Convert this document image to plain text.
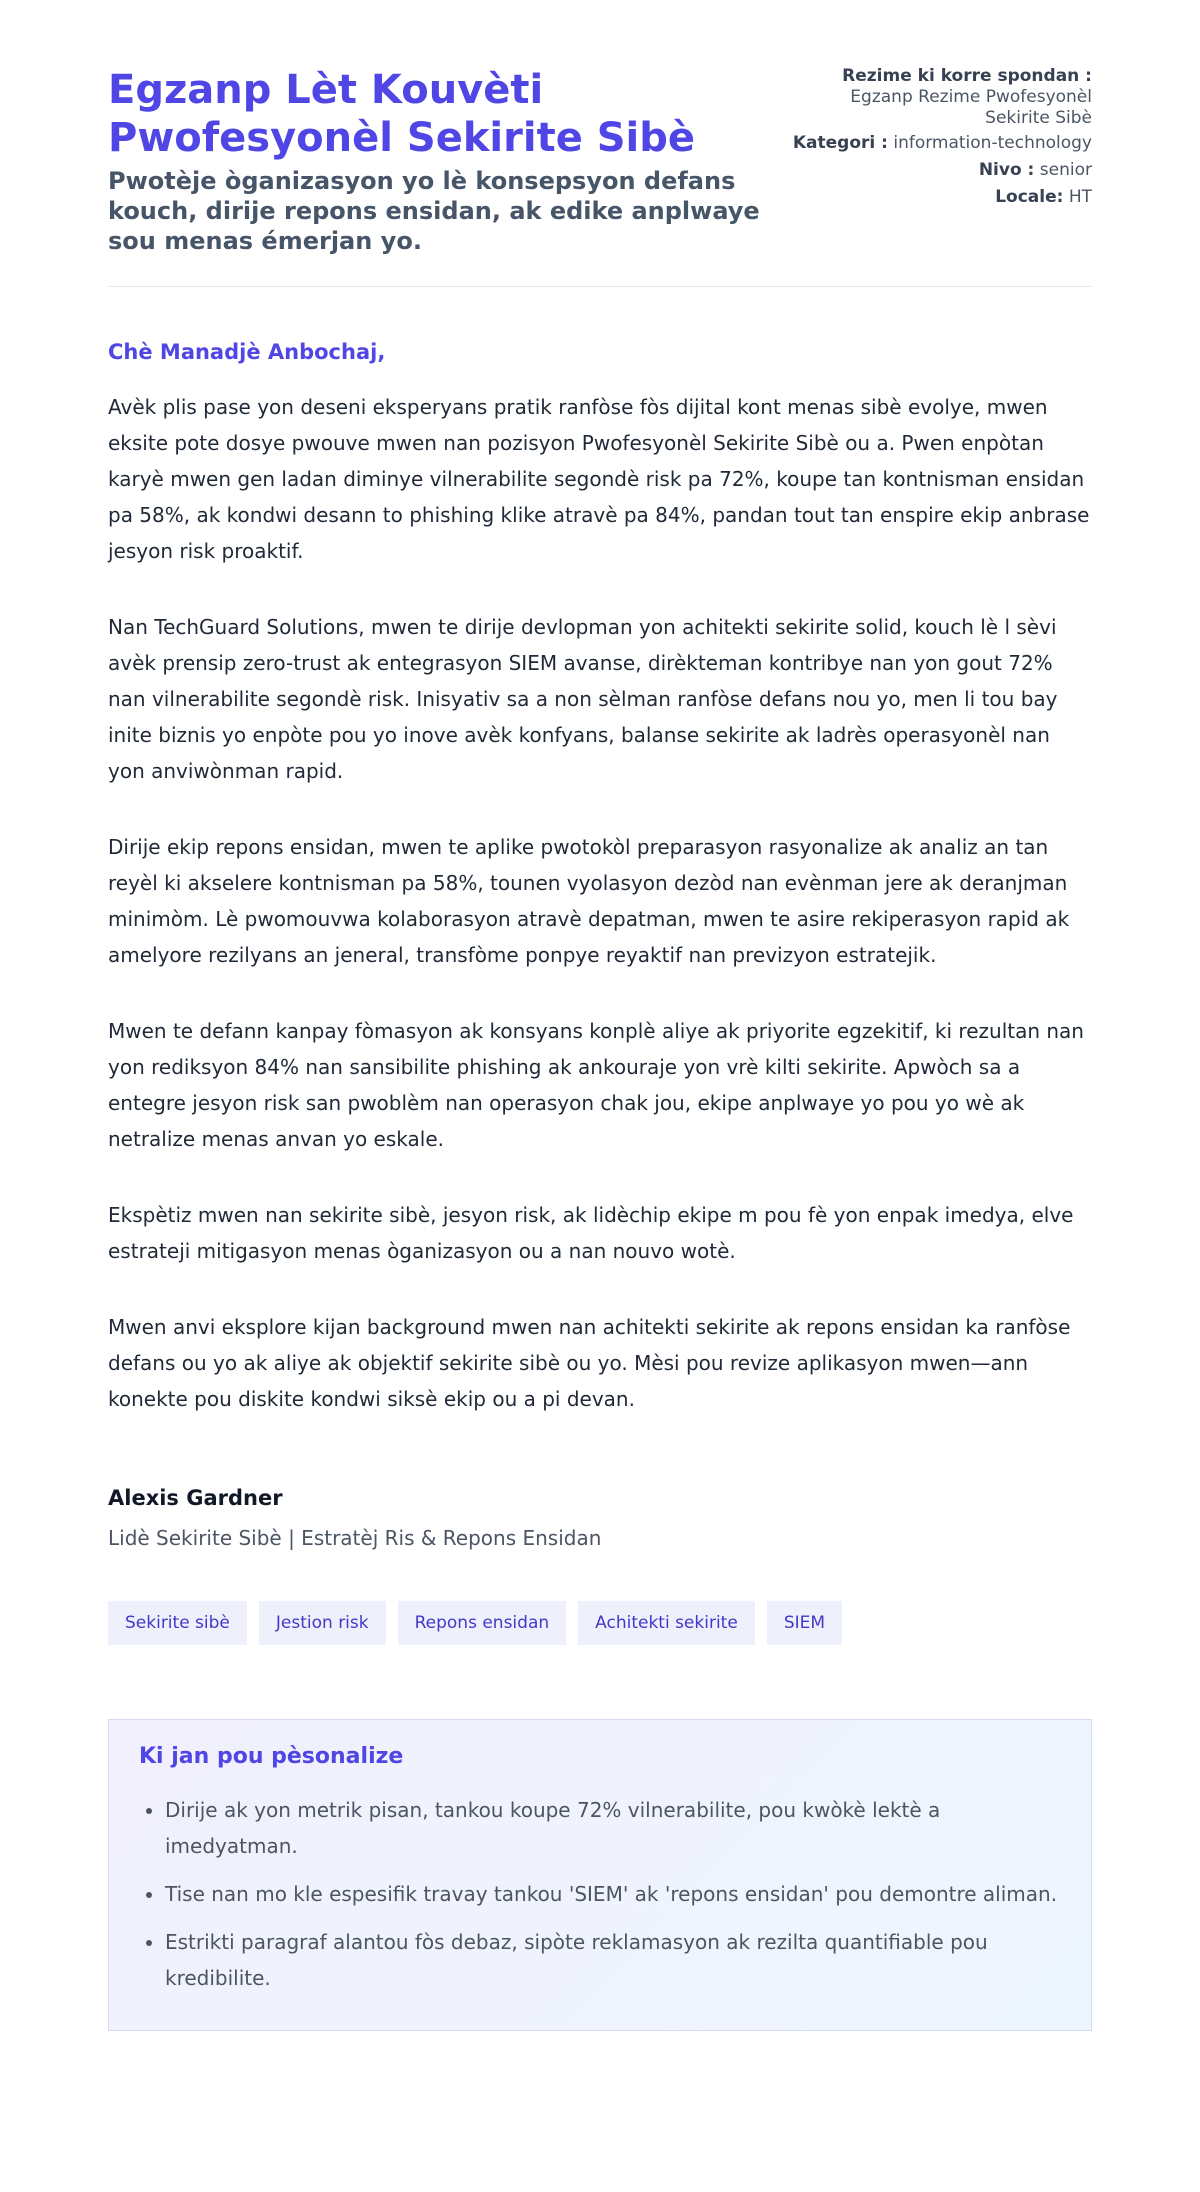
Egzanp Lèt Kouvèti Pwofesyonèl Sekirite Sibè
Pwotèje òganizasyon yo lè konsepsyon defans kouch, dirije repons ensidan, ak edike anplwaye sou menas émerjan yo.
Rezime ki korre spondan :
Egzanp Rezime Pwofesyonèl Sekirite Sibè
Kategori : information-technology
Nivo : senior
Locale: HT
Chè Manadjè Anbochaj,

Avèk plis pase yon deseni eksperyans pratik ranfòse fòs dijital kont menas sibè evolye, mwen eksite pote dosye pwouve mwen nan pozisyon Pwofesyonèl Sekirite Sibè ou a. Pwen enpòtan karyè mwen gen ladan diminye vilnerabilite segondè risk pa 72%, koupe tan kontnisman ensidan pa 58%, ak kondwi desann to phishing klike atravè pa 84%, pandan tout tan enspire ekip anbrase jesyon risk proaktif.

Nan TechGuard Solutions, mwen te dirije devlopman yon achitekti sekirite solid, kouch lè l sèvi avèk prensip zero-trust ak entegrasyon SIEM avanse, dirèkteman kontribye nan yon gout 72% nan vilnerabilite segondè risk. Inisyativ sa a non sèlman ranfòse defans nou yo, men li tou bay inite biznis yo enpòte pou yo inove avèk konfyans, balanse sekirite ak ladrès operasyonèl nan yon anviwònman rapid.

Dirije ekip repons ensidan, mwen te aplike pwotokòl preparasyon rasyonalize ak analiz an tan reyèl ki akselere kontnisman pa 58%, tounen vyolasyon dezòd nan evènman jere ak deranjman minimòm. Lè pwomouvwa kolaborasyon atravè depatman, mwen te asire rekiperasyon rapid ak amelyore rezilyans an jeneral, transfòme ponpye reyaktif nan previzyon estratejik.

Mwen te defann kanpay fòmasyon ak konsyans konplè aliye ak priyorite egzekitif, ki rezultan nan yon rediksyon 84% nan sansibilite phishing ak ankouraje yon vrè kilti sekirite. Apwòch sa a entegre jesyon risk san pwoblèm nan operasyon chak jou, ekipe anplwaye yo pou yo wè ak netralize menas anvan yo eskale.

Ekspètiz mwen nan sekirite sibè, jesyon risk, ak lidèchip ekipe m pou fè yon enpak imedya, elve estrateji mitigasyon menas òganizasyon ou a nan nouvo wotè.

Mwen anvi eksplore kijan background mwen nan achitekti sekirite ak repons ensidan ka ranfòse defans ou yo ak aliye ak objektif sekirite sibè ou yo. Mèsi pou revize aplikasyon mwen—ann konekte pou diskite kondwi siksè ekip ou a pi devan.

Alexis Gardner
Lidè Sekirite Sibè | Estratèj Ris & Repons Ensidan
Sekirite sibè	Jestion risk	Repons ensidan	Achitekti sekirite	SIEM
Ki jan pou pèsonalize
• Dirije ak yon metrik pisan, tankou koupe 72% vilnerabilite, pou kwòkè lektè a imedyatman.
• Tise nan mo kle espesifik travay tankou 'SIEM' ak 'repons ensidan' pou demontre aliman.
• Estrikti paragraf alantou fòs debaz, sipòte reklamasyon ak rezilta quantifiable pou kredibilite.
